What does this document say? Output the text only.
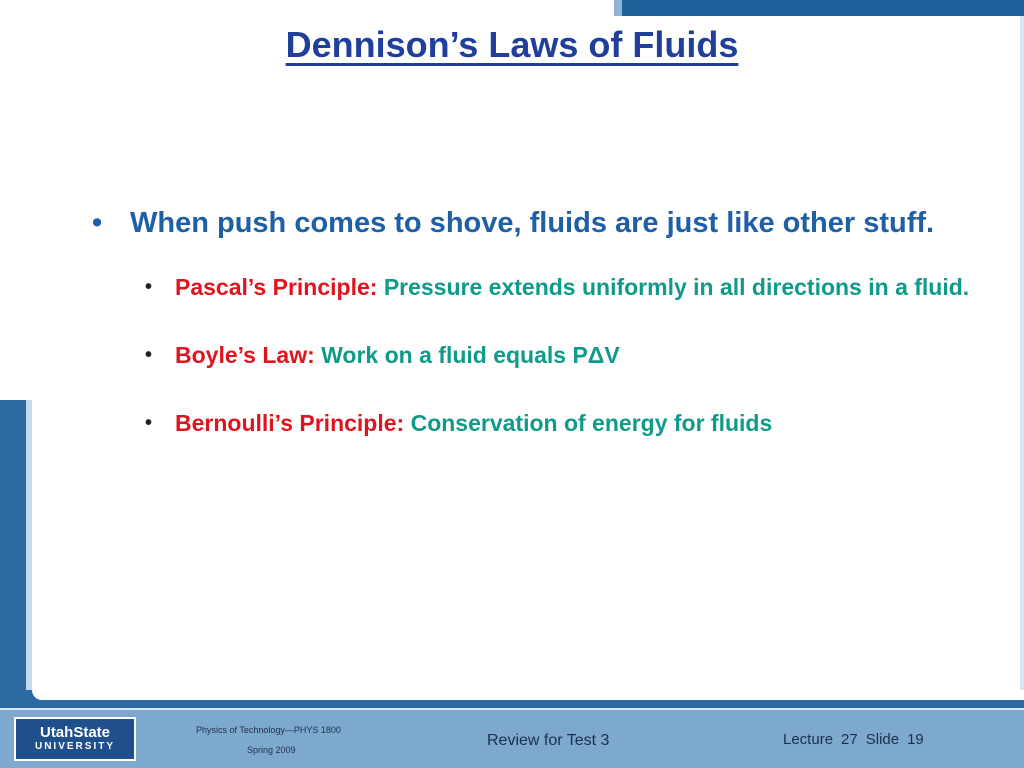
Dennison’s Laws of Fluids
• When push comes to shove, fluids are just like other stuff.
• Pascal’s Principle: Pressure extends uniformly in all directions in a fluid.
• Boyle’s Law: Work on a fluid equals PΔV
• Bernoulli’s Principle: Conservation of energy for fluids
UtahState
UNIVERSITY
Physics of Technology—PHYS 1800
Spring 2009
Review for Test 3	Lecture 27 Slide 19
